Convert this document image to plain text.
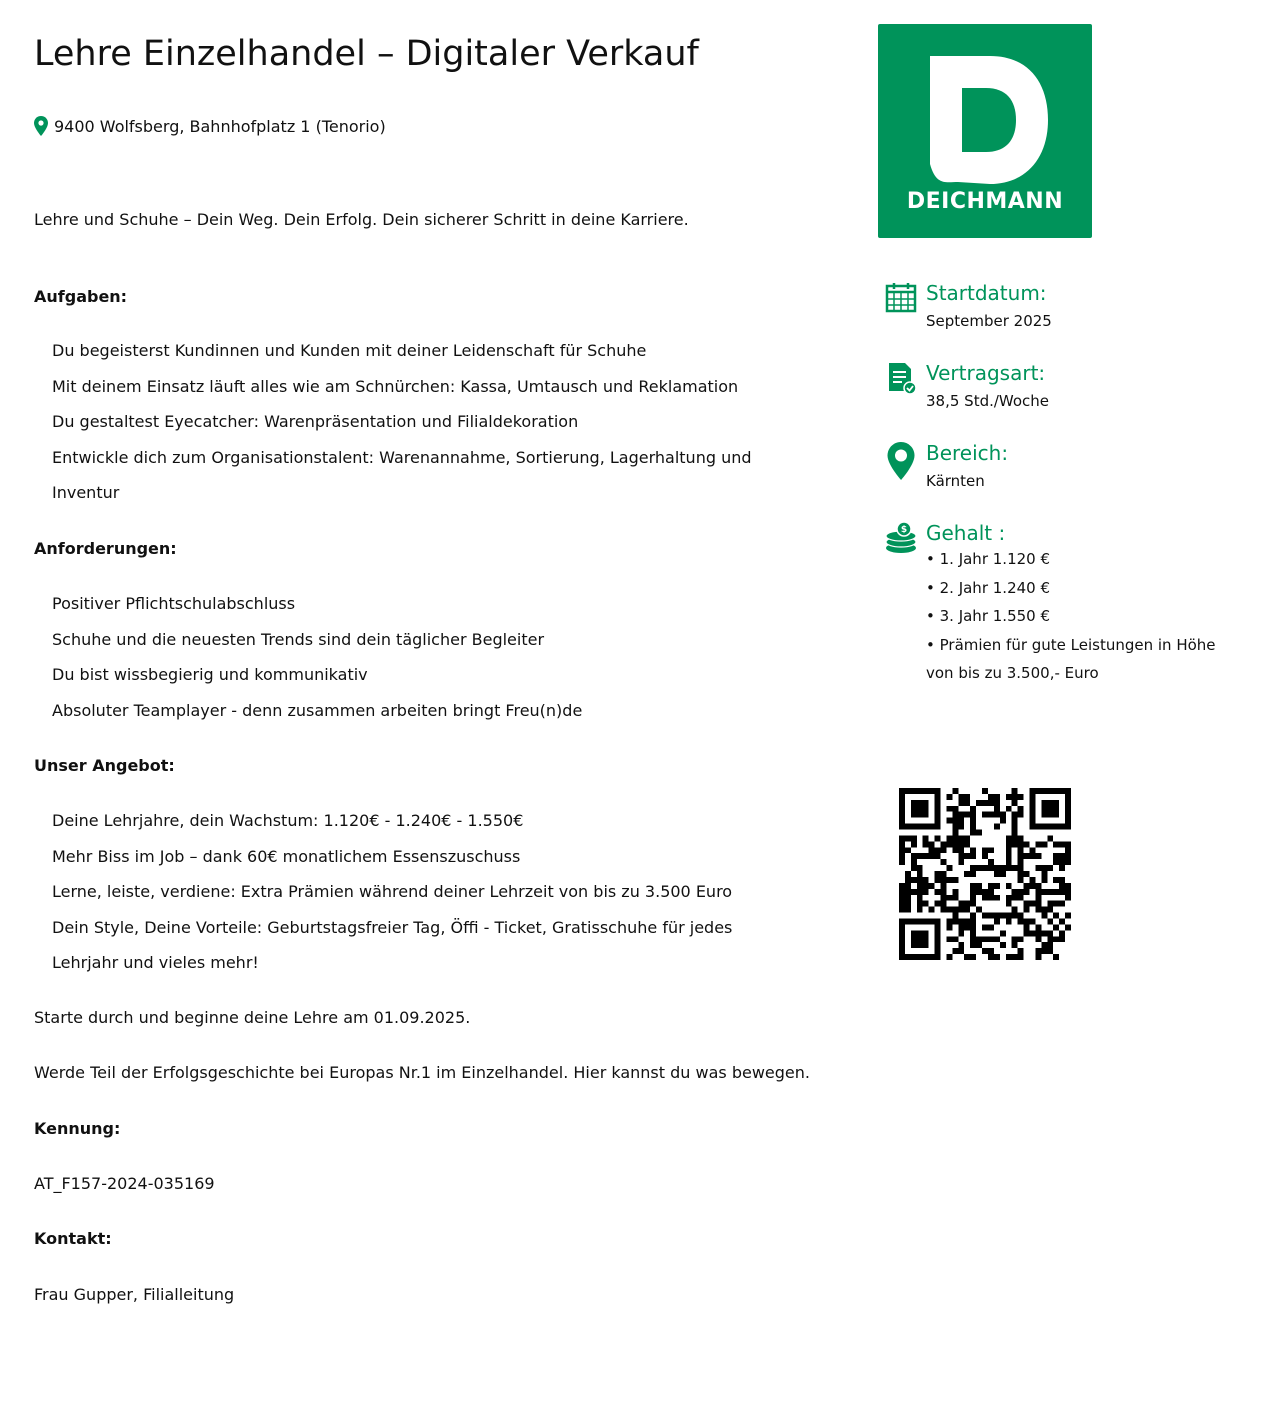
Lehre Einzelhandel – Digitaler Verkauf
9400 Wolfsberg, Bahnhofplatz 1 (Tenorio)
Lehre und Schuhe – Dein Weg. Dein Erfolg. Dein sicherer Schritt in deine Karriere.
Aufgaben:
Du begeisterst Kundinnen und Kunden mit deiner Leidenschaft für Schuhe
Mit deinem Einsatz läuft alles wie am Schnürchen: Kassa, Umtausch und Reklamation
Du gestaltest Eyecatcher: Warenpräsentation und Filialdekoration
Entwickle dich zum Organisationstalent: Warenannahme, Sortierung, Lagerhaltung und
Inventur
Anforderungen:
Positiver Pflichtschulabschluss
Schuhe und die neuesten Trends sind dein täglicher Begleiter
Du bist wissbegierig und kommunikativ
Absoluter Teamplayer - denn zusammen arbeiten bringt Freu(n)de
Unser Angebot:
Deine Lehrjahre, dein Wachstum: 1.120€ - 1.240€ - 1.550€
Mehr Biss im Job – dank 60€ monatlichem Essenszuschuss
Lerne, leiste, verdiene: Extra Prämien während deiner Lehrzeit von bis zu 3.500 Euro
Dein Style, Deine Vorteile: Geburtstagsfreier Tag, Öffi - Ticket, Gratisschuhe für jedes
Lehrjahr und vieles mehr!
Starte durch und beginne deine Lehre am 01.09.2025.
Werde Teil der Erfolgsgeschichte bei Europas Nr.1 im Einzelhandel. Hier kannst du was bewegen.
Kennung:
AT_F157-2024-035169
Kontakt:
Frau Gupper, Filialleitung
DEICHMANN
Startdatum:
September 2025
Vertragsart:
38,5 Std./Woche
Bereich:
Kärnten
$ Gehalt :
• 1. Jahr 1.120 €
• 2. Jahr 1.240 €
• 3. Jahr 1.550 €
• Prämien für gute Leistungen in Höhe von bis zu 3.500,- Euro
